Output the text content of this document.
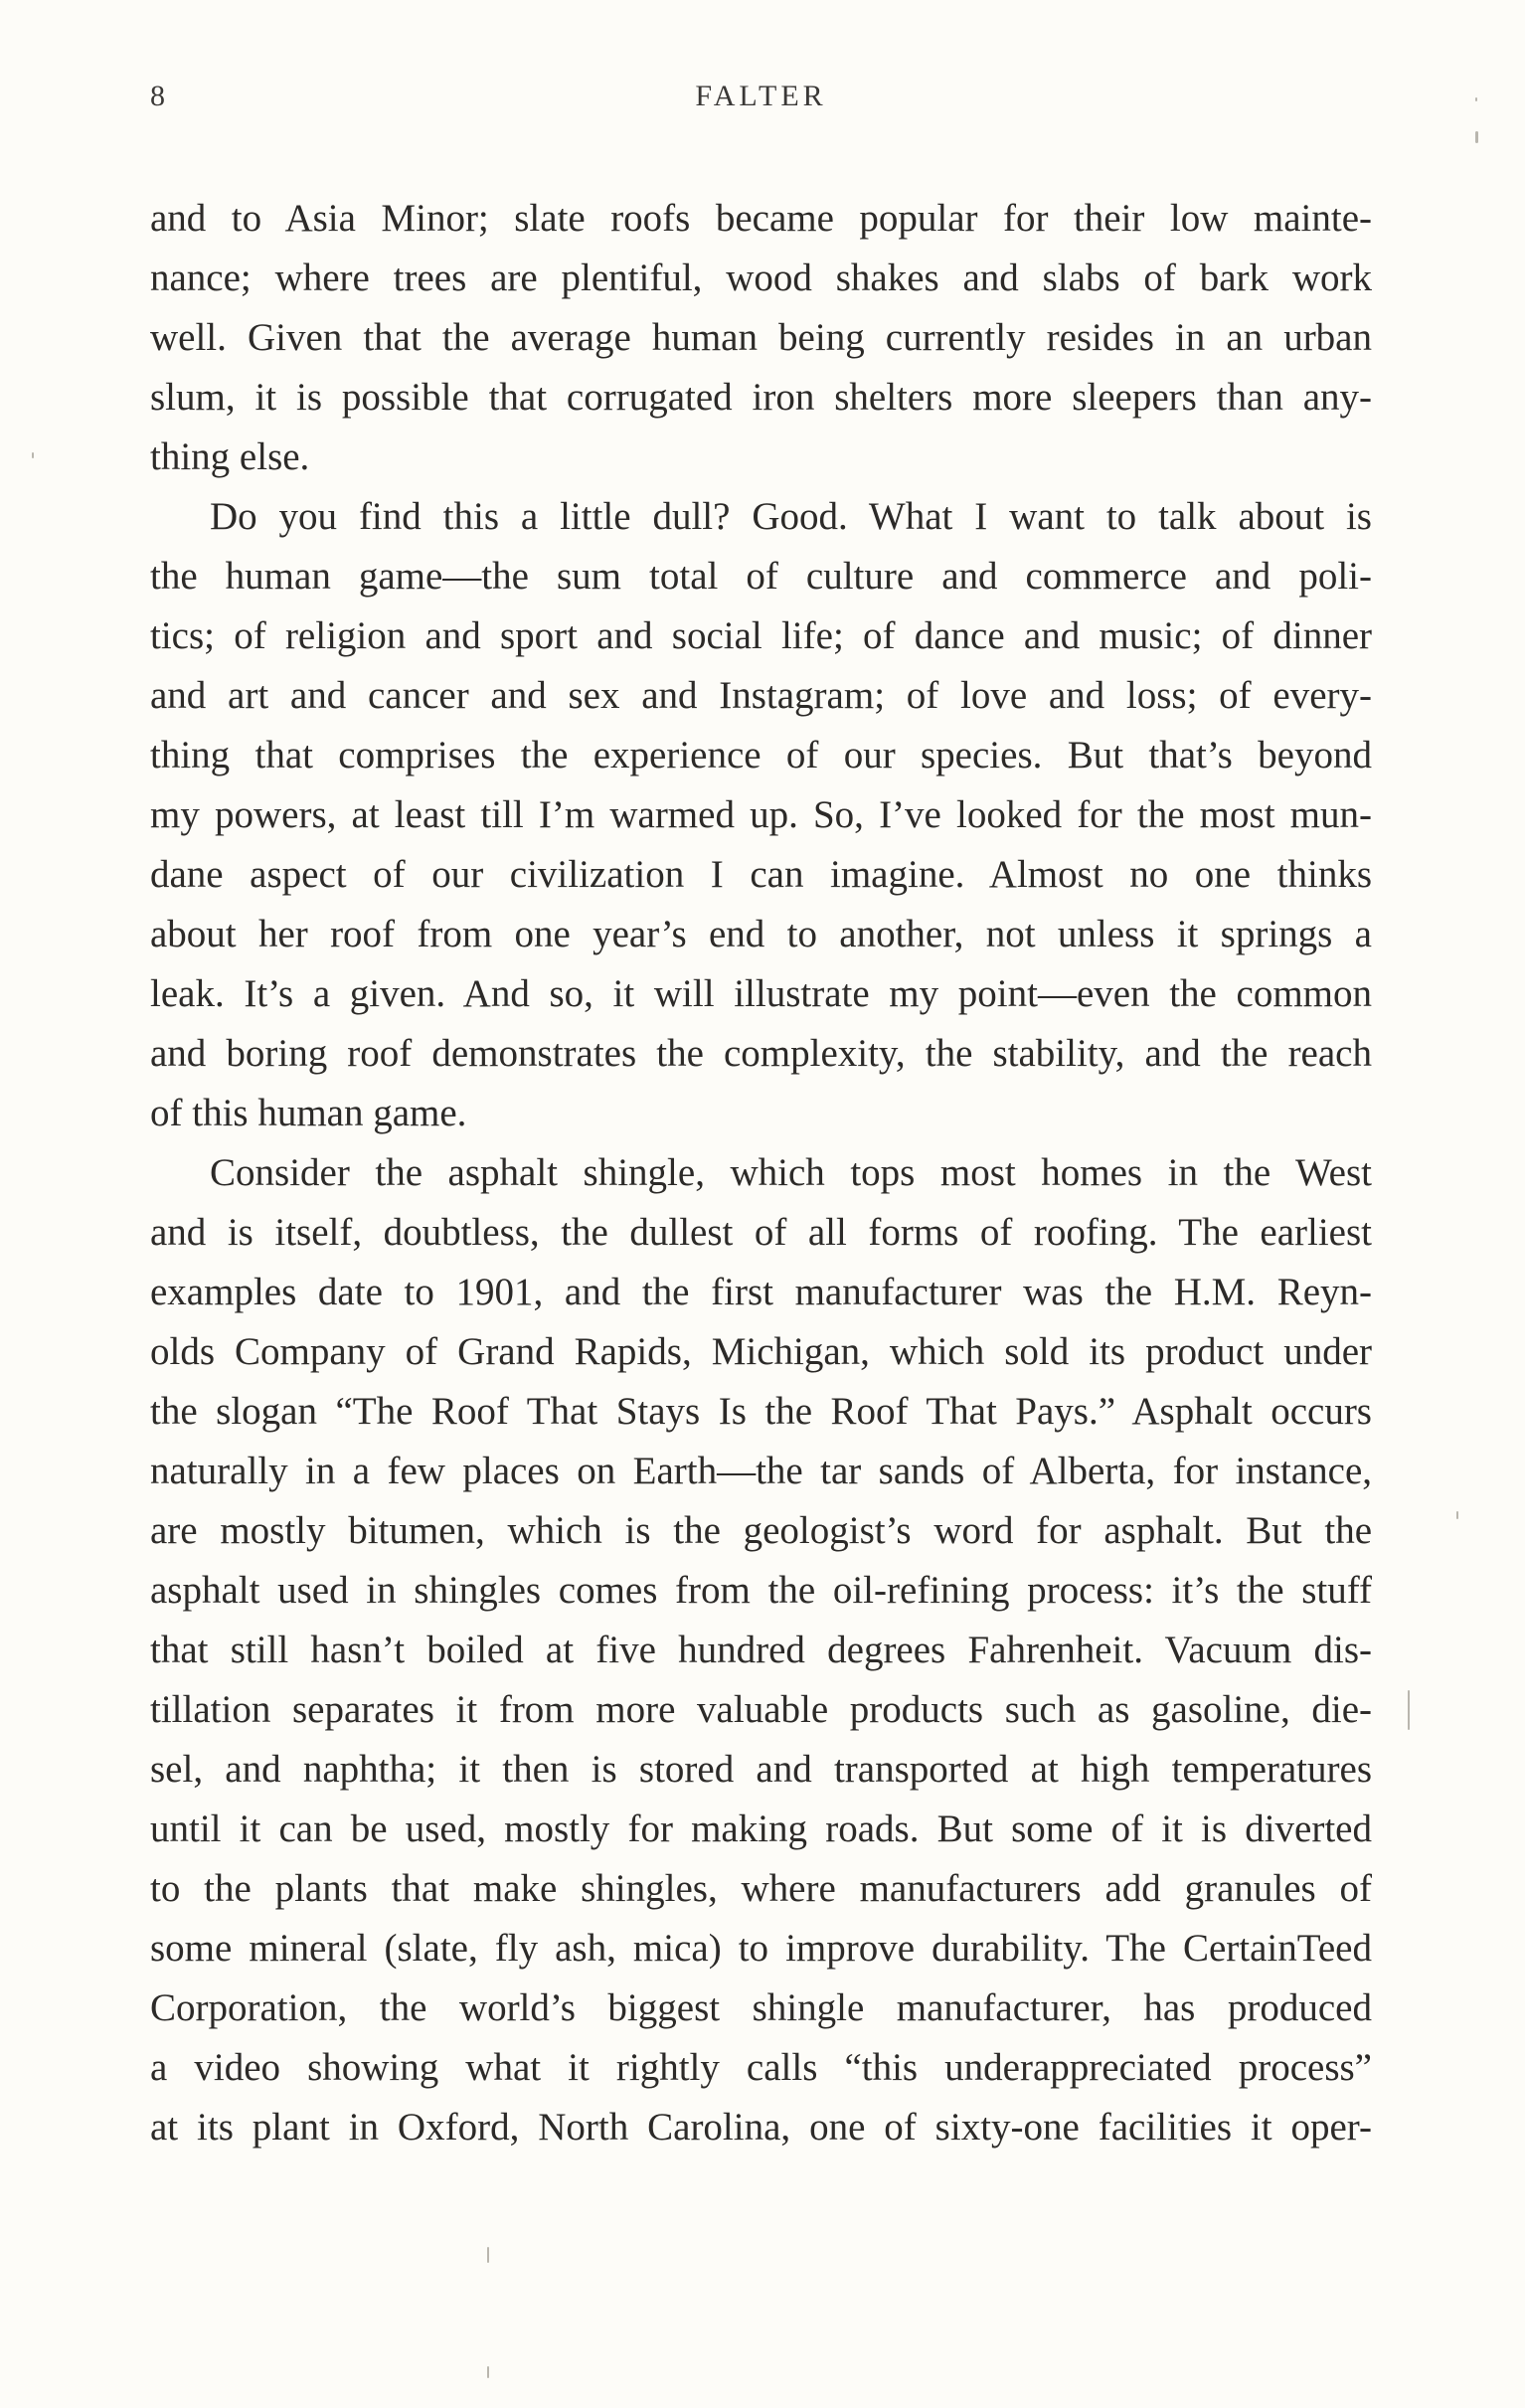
8	FALTER
and to Asia Minor; slate roofs became popular for their low mainte-
nance; where trees are plentiful, wood shakes and slabs of bark work
well. Given that the average human being currently resides in an urban
slum, it is possible that corrugated iron shelters more sleepers than any-
thing else.
Do you find this a little dull? Good. What I want to talk about is
the human game—the sum total of culture and commerce and poli-
tics; of religion and sport and social life; of dance and music; of dinner
and art and cancer and sex and Instagram; of love and loss; of every-
thing that comprises the experience of our species. But that’s beyond
my powers, at least till I’m warmed up. So, I’ve looked for the most mun-
dane aspect of our civilization I can imagine. Almost no one thinks
about her roof from one year’s end to another, not unless it springs a
leak. It’s a given. And so, it will illustrate my point—even the common
and boring roof demonstrates the complexity, the stability, and the reach
of this human game.
Consider the asphalt shingle, which tops most homes in the West
and is itself, doubtless, the dullest of all forms of roofing. The earliest
examples date to 1901, and the first manufacturer was the H.M. Reyn-
olds Company of Grand Rapids, Michigan, which sold its product under
the slogan “The Roof That Stays Is the Roof That Pays.” Asphalt occurs
naturally in a few places on Earth—the tar sands of Alberta, for instance,
are mostly bitumen, which is the geologist’s word for asphalt. But the
asphalt used in shingles comes from the oil-refining process: it’s the stuff
that still hasn’t boiled at five hundred degrees Fahrenheit. Vacuum dis-
tillation separates it from more valuable products such as gasoline, die-
sel, and naphtha; it then is stored and transported at high temperatures
until it can be used, mostly for making roads. But some of it is diverted
to the plants that make shingles, where manufacturers add granules of
some mineral (slate, fly ash, mica) to improve durability. The CertainTeed
Corporation, the world’s biggest shingle manufacturer, has produced
a video showing what it rightly calls “this underappreciated process”
at its plant in Oxford, North Carolina, one of sixty-one facilities it oper-
